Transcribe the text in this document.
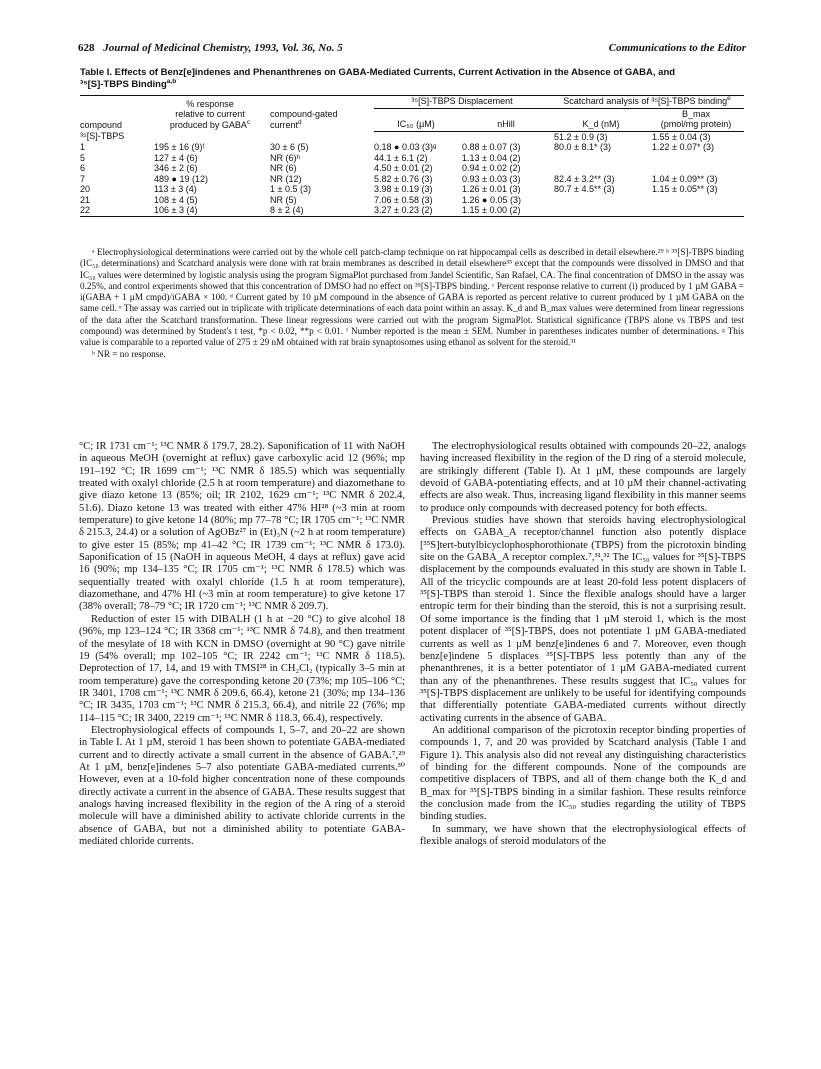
628 Journal of Medicinal Chemistry, 1993, Vol. 36, No. 5	Communications to the Editor
Table I. Effects of Benz[e]indenes and Phenanthrenes on GABA-Mediated Currents, Current Activation in the Absence of GABA, and
³⁵[S]-TBPS Binding$^{a,b}$
compound	% response
relative to current
produced by GABA$^c$	compound-gated
current$^d$	³⁵[S]-TBPS Displacement		Scatchard analysis of ³⁵[S]-TBPS binding$^e$
			IC₅₀ (µM)	nHill	K_d (nM)	B_max
(pmol/mg protein)
³⁵[S]-TBPS					51.2 ± 0.9 (3)	1.55 ± 0.04 (3)
1	195 ± 16 (9)ᶠ	30 ± 6 (5)	0.18 ● 0.03 (3)ᵍ	0.88 ± 0.07 (3)	80.0 ± 8.1* (3)	1.22 ± 0.07* (3)
5	127 ± 4 (6)	NR (6)ʰ	44.1 ± 6.1 (2)	1.13 ± 0.04 (2)		
6	346 ± 2 (6)	NR (6)	4.50 ± 0.01 (2)	0.94 ± 0.02 (2)		
7	489 ● 19 (12)	NR (12)	5.82 ± 0.76 (3)	0.93 ± 0.03 (3)	82.4 ± 3.2** (3)	1.04 ± 0.09** (3)
20	113 ± 3 (4)	1 ± 0.5 (3)	3.98 ± 0.19 (3)	1.26 ± 0.01 (3)	80.7 ± 4.5** (3)	1.15 ± 0.05** (3)
21	108 ± 4 (5)	NR (5)	7.06 ± 0.58 (3)	1.26 ● 0.05 (3)		
22	106 ± 3 (4)	8 ± 2 (4)	3.27 ± 0.23 (2)	1.15 ± 0.00 (2)		

ᵃ Electrophysiological determinations were carried out by the whole cell patch-clamp technique on rat hippocampal cells as described in detail elsewhere.²⁹ ᵇ ³⁵[S]-TBPS binding (IC₅₀ determinations) and Scatchard analysis were done with rat brain membranes as described in detail elsewhere³⁵ except that the compounds were dissolved in DMSO and that IC₅₀ values were determined by logistic analysis using the program SigmaPlot purchased from Jandel Scientific, San Rafael, CA. The final concentration of DMSO in the assay was 0.25%, and control experiments showed that this concentration of DMSO had no effect on ³⁵[S]-TBPS binding. ᶜ Percent response relative to current (i) produced by 1 µM GABA = i(GABA + 1 µM cmpd)/iGABA × 100. ᵈ Current gated by 10 µM compound in the absence of GABA is reported as percent relative to current produced by 1 µM GABA on the same cell. ᵉ The assay was carried out in triplicate with triplicate determinations of each data point within an assay. K_d and B_max values were determined from linear regressions of the data after the Scatchard transformation. These linear regressions were carried out with the program SigmaPlot. Statistical significance (TBPS alone vs TBPS and test compound) was determined by Student's t test, *p < 0.02, **p < 0.01. ᶠ Number reported is the mean ± SEM. Number in parentheses indicates number of determinations. ᵍ This value is comparable to a reported value of 275 ± 29 nM obtained with rat brain synaptosomes using ethanol as solvent for the steroid.³¹

ʰ NR = no response.

°C; IR 1731 cm⁻¹; ¹³C NMR δ 179.7, 28.2). Saponification of 11 with NaOH in aqueous MeOH (overnight at reflux) gave carboxylic acid 12 (96%; mp 191–192 °C; IR 1699 cm⁻¹; ¹³C NMR δ 185.5) which was sequentially treated with oxalyl chloride (2.5 h at room temperature) and diazomethane to give diazo ketone 13 (85%; oil; IR 2102, 1629 cm⁻¹; ¹³C NMR δ 202.4, 51.6). Diazo ketone 13 was treated with either 47% HI²⁸ (~3 min at room temperature) to give ketone 14 (80%; mp 77–78 °C; IR 1705 cm⁻¹; ¹³C NMR δ 215.3, 24.4) or a solution of AgOBz²⁷ in (Et)₃N (~2 h at room temperature) to give ester 15 (85%; mp 41–42 °C; IR 1739 cm⁻¹; ¹³C NMR δ 173.0). Saponification of 15 (NaOH in aqueous MeOH, 4 days at reflux) gave acid 16 (90%; mp 134–135 °C; IR 1705 cm⁻¹; ¹³C NMR δ 178.5) which was sequentially treated with oxalyl chloride (1.5 h at room temperature), diazomethane, and 47% HI (~3 min at room temperature) to give ketone 17 (38% overall; 78–79 °C; IR 1720 cm⁻¹; ¹³C NMR δ 209.7).

Reduction of ester 15 with DIBALH (1 h at −20 °C) to give alcohol 18 (96%, mp 123–124 °C; IR 3368 cm⁻¹; ¹³C NMR δ 74.8), and then treatment of the mesylate of 18 with KCN in DMSO (overnight at 90 °C) gave nitrile 19 (54% overall; mp 102–105 °C; IR 2242 cm⁻¹; ¹³C NMR δ 118.5). Deprotection of 17, 14, and 19 with TMSI²⁸ in CH₂Cl₂ (typically 3–5 min at room temperature) gave the corresponding ketone 20 (73%; mp 105–106 °C; IR 3401, 1708 cm⁻¹; ¹³C NMR δ 209.6, 66.4), ketone 21 (30%; mp 134–136 °C; IR 3435, 1703 cm⁻¹; ¹³C NMR δ 215.3, 66.4), and nitrile 22 (76%; mp 114–115 °C; IR 3400, 2219 cm⁻¹; ¹³C NMR δ 118.3, 66.4), respectively.

Electrophysiological effects of compounds 1, 5–7, and 20–22 are shown in Table I. At 1 µM, steroid 1 has been shown to potentiate GABA-mediated current and to directly activate a small current in the absence of GABA.⁷,²⁹ At 1 µM, benz[e]indenes 5–7 also potentiate GABA-mediated currents.³⁰ However, even at a 10-fold higher concentration none of these compounds directly activate a current in the absence of GABA. These results suggest that analogs having increased flexibility in the region of the A ring of a steroid molecule will have a diminished ability to activate chloride currents in the absence of GABA, but not a diminished ability to potentiate GABA-mediated chloride currents.

The electrophysiological results obtained with compounds 20–22, analogs having increased flexibility in the region of the D ring of a steroid molecule, are strikingly different (Table I). At 1 µM, these compounds are largely devoid of GABA-potentiating effects, and at 10 µM their channel-activating effects are also weak. Thus, increasing ligand flexibility in this manner seems to produce only compounds with decreased potency for both effects.

Previous studies have shown that steroids having electrophysiological effects on GABA_A receptor/channel function also potently displace [³⁵S]tert-butylbicyclophosphorothionate (TBPS) from the picrotoxin binding site on the GABA_A receptor complex.⁷,³¹,³² The IC₅₀ values for ³⁵[S]-TBPS displacement by the compounds evaluated in this study are shown in Table I. All of the tricyclic compounds are at least 20-fold less potent displacers of ³⁵[S]-TBPS than steroid 1. Since the flexible analogs should have a larger entropic term for their binding than the steroid, this is not a surprising result. Of some importance is the finding that 1 µM steroid 1, which is the most potent displacer of ³⁵[S]-TBPS, does not potentiate 1 µM GABA-mediated currents as well as 1 µM benz[e]indenes 6 and 7. Moreover, even though benz[e]indene 5 displaces ³⁵[S]-TBPS less potently than any of the phenanthrenes, it is a better potentiator of 1 µM GABA-mediated current than any of the phenanthrenes. These results suggest that IC₅₀ values for ³⁵[S]-TBPS displacement are unlikely to be useful for identifying compounds that differentially potentiate GABA-mediated currents without directly activating currents in the absence of GABA.

An additional comparison of the picrotoxin receptor binding properties of compounds 1, 7, and 20 was provided by Scatchard analysis (Table I and Figure 1). This analysis also did not reveal any distinguishing characteristics of binding for the different compounds. None of the compounds are competitive displacers of TBPS, and all of them change both the K_d and B_max for ³⁵[S]-TBPS binding in a similar fashion. These results reinforce the conclusion made from the IC₅₀ studies regarding the utility of TBPS binding studies.

In summary, we have shown that the electrophysiological effects of flexible analogs of steroid modulators of the
